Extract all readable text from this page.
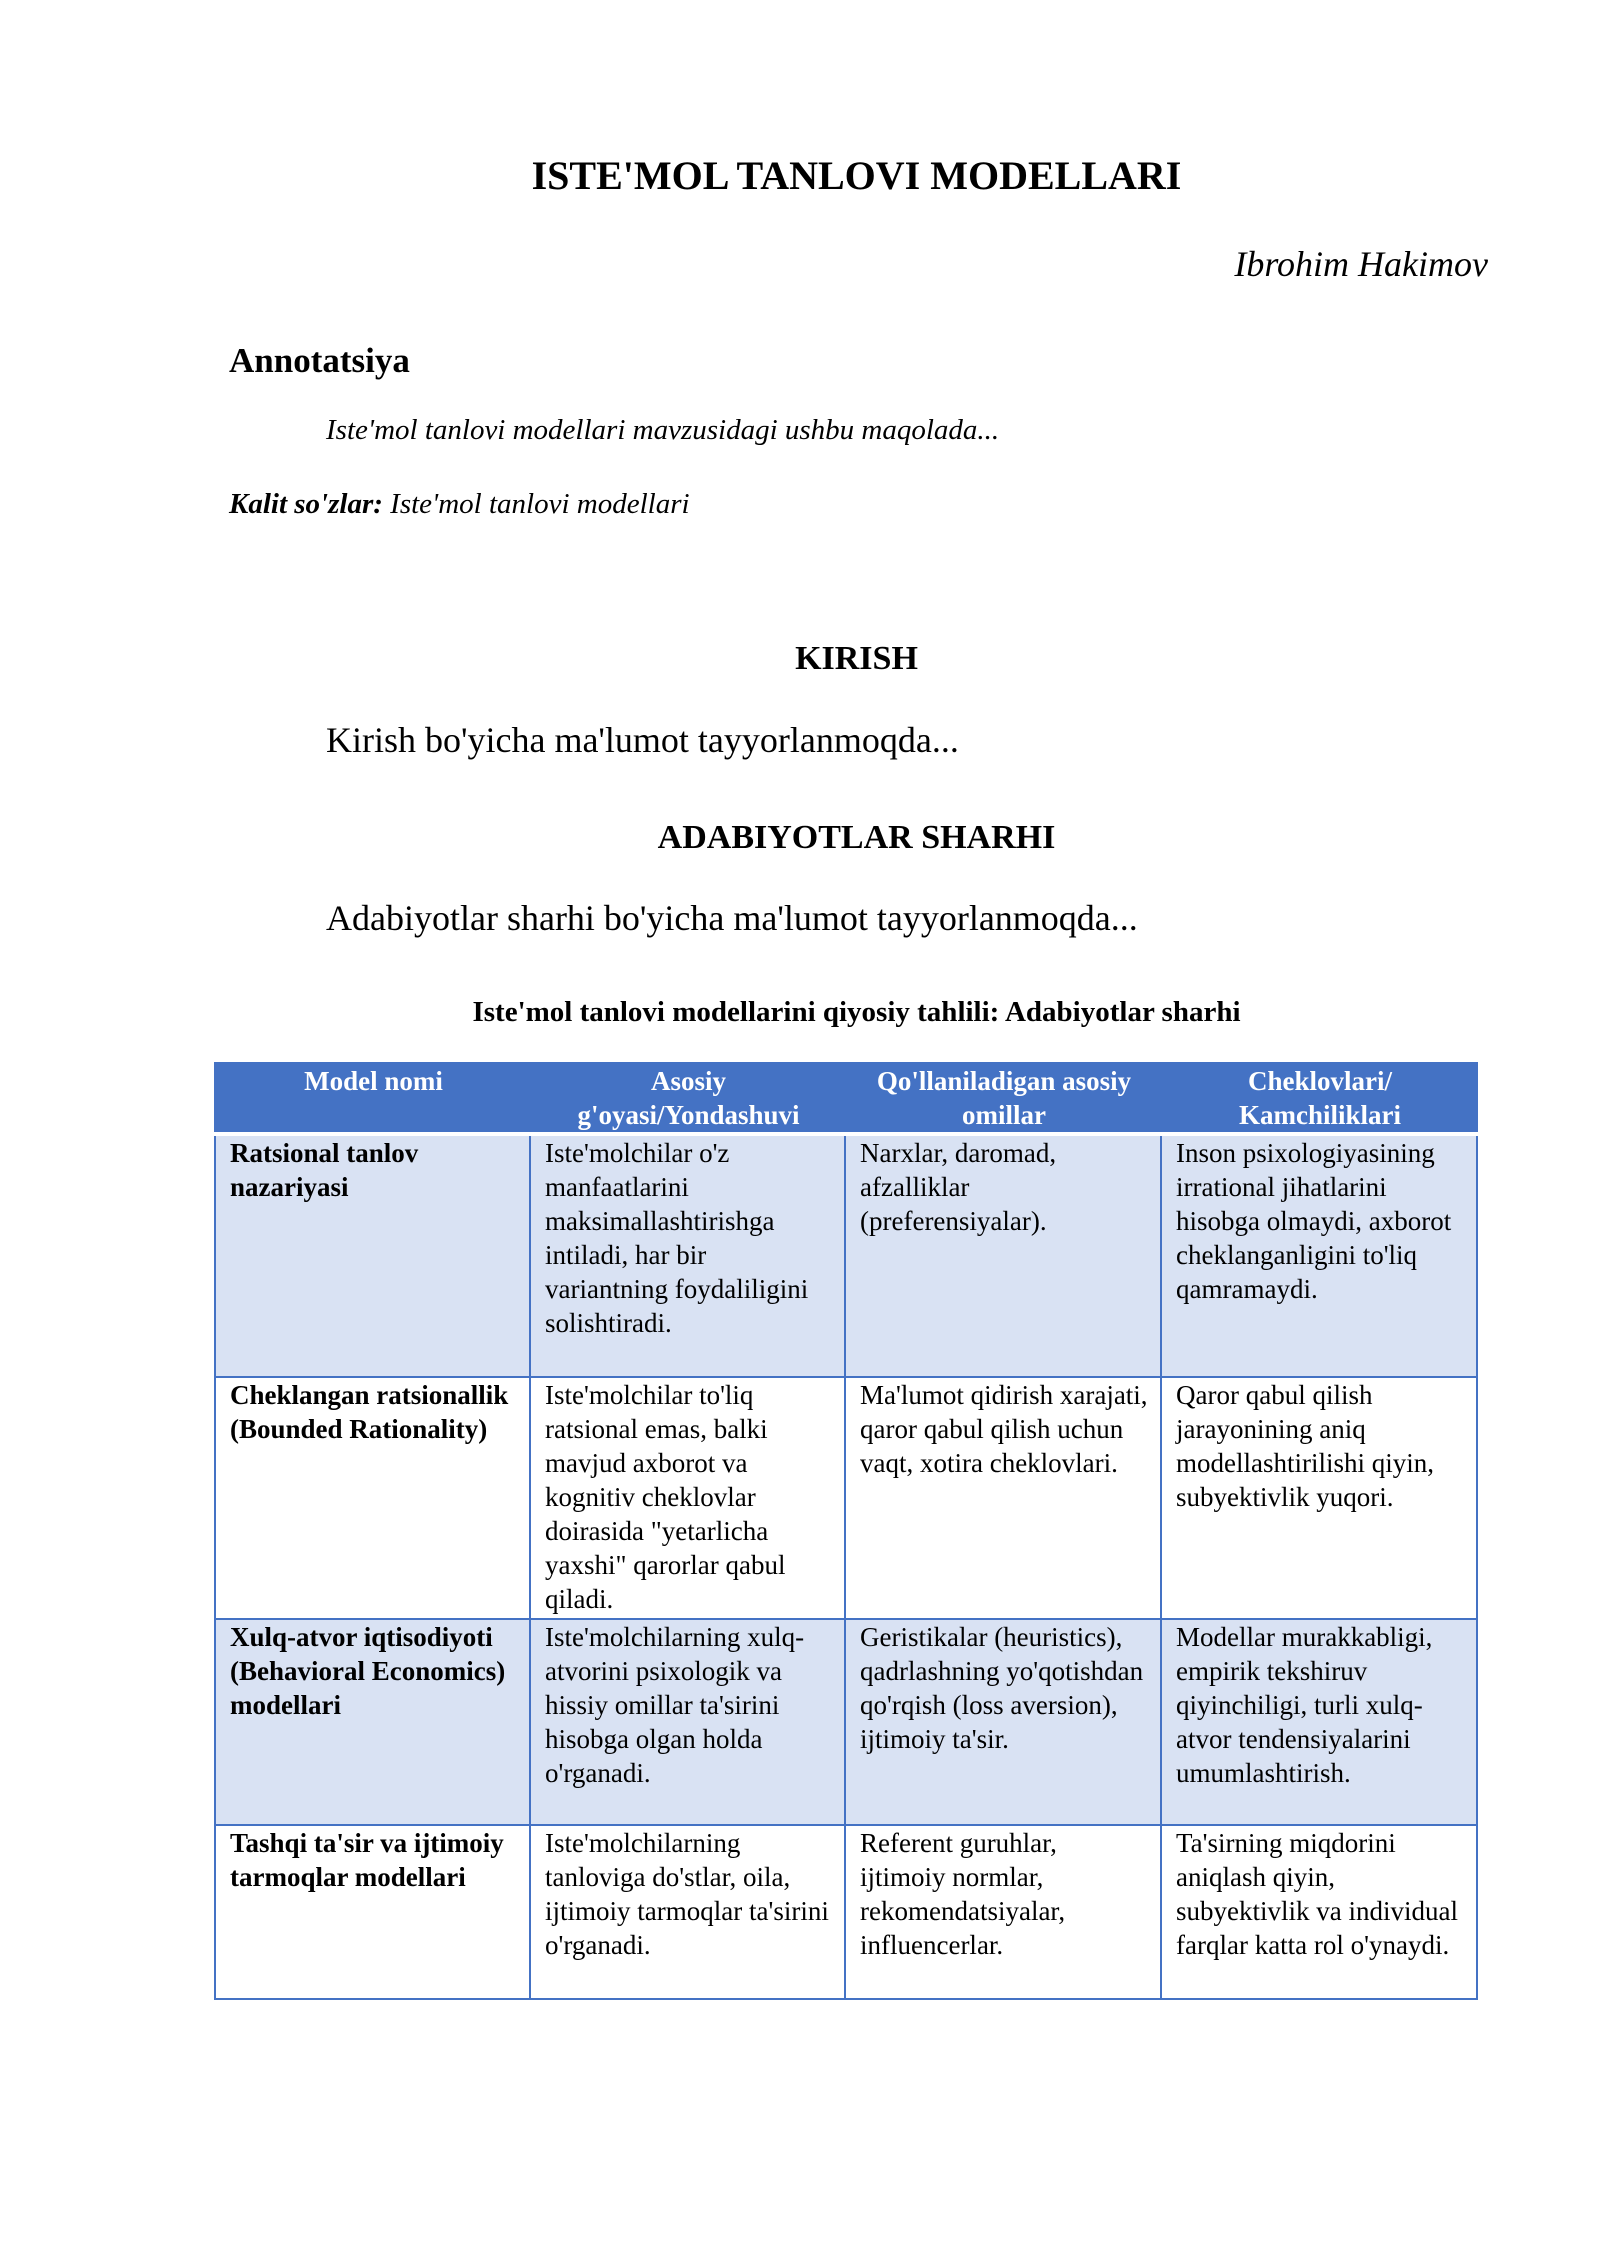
ISTE'MOL TANLOVI MODELLARI
Ibrohim Hakimov
Annotatsiya
Iste'mol tanlovi modellari mavzusidagi ushbu maqolada...
Kalit so'zlar: Iste'mol tanlovi modellari
KIRISH
Kirish bo'yicha ma'lumot tayyorlanmoqda...
ADABIYOTLAR SHARHI
Adabiyotlar sharhi bo'yicha ma'lumot tayyorlanmoqda...
Iste'mol tanlovi modellarini qiyosiy tahlili: Adabiyotlar sharhi
Model nomi	Asosiy g'oyasi/Yondashuvi	Qo'llaniladigan asosiy omillar	Cheklovlari/ Kamchiliklari
Ratsional tanlov nazariyasi	Iste'molchilar o'z manfaatlarini maksimallashtirishga intiladi, har bir variantning foydaliligini solishtiradi.	Narxlar, daromad, afzalliklar (preferensiyalar).	Inson psixologiyasining irrational jihatlarini hisobga olmaydi, axborot cheklanganligini to'liq qamramaydi.
Cheklangan ratsionallik (Bounded Rationality)	Iste'molchilar to'liq ratsional emas, balki mavjud axborot va kognitiv cheklovlar doirasida "yetarlicha yaxshi" qarorlar qabul qiladi.	Ma'lumot qidirish xarajati, qaror qabul qilish uchun vaqt, xotira cheklovlari.	Qaror qabul qilish jarayonining aniq modellashtirilishi qiyin, subyektivlik yuqori.
Xulq-atvor iqtisodiyoti (Behavioral Economics) modellari	Iste'molchilarning xulq-atvorini psixologik va hissiy omillar ta'sirini hisobga olgan holda o'rganadi.	Geristikalar (heuristics), qadrlashning yo'qotishdan qo'rqish (loss aversion), ijtimoiy ta'sir.	Modellar murakkabligi, empirik tekshiruv qiyinchiligi, turli xulq-atvor tendensiyalarini umumlashtirish.
Tashqi ta'sir va ijtimoiy tarmoqlar modellari	Iste'molchilarning tanloviga do'stlar, oila, ijtimoiy tarmoqlar ta'sirini o'rganadi.	Referent guruhlar, ijtimoiy normlar, rekomendatsiyalar, influencerlar.	Ta'sirning miqdorini aniqlash qiyin, subyektivlik va individual farqlar katta rol o'ynaydi.
